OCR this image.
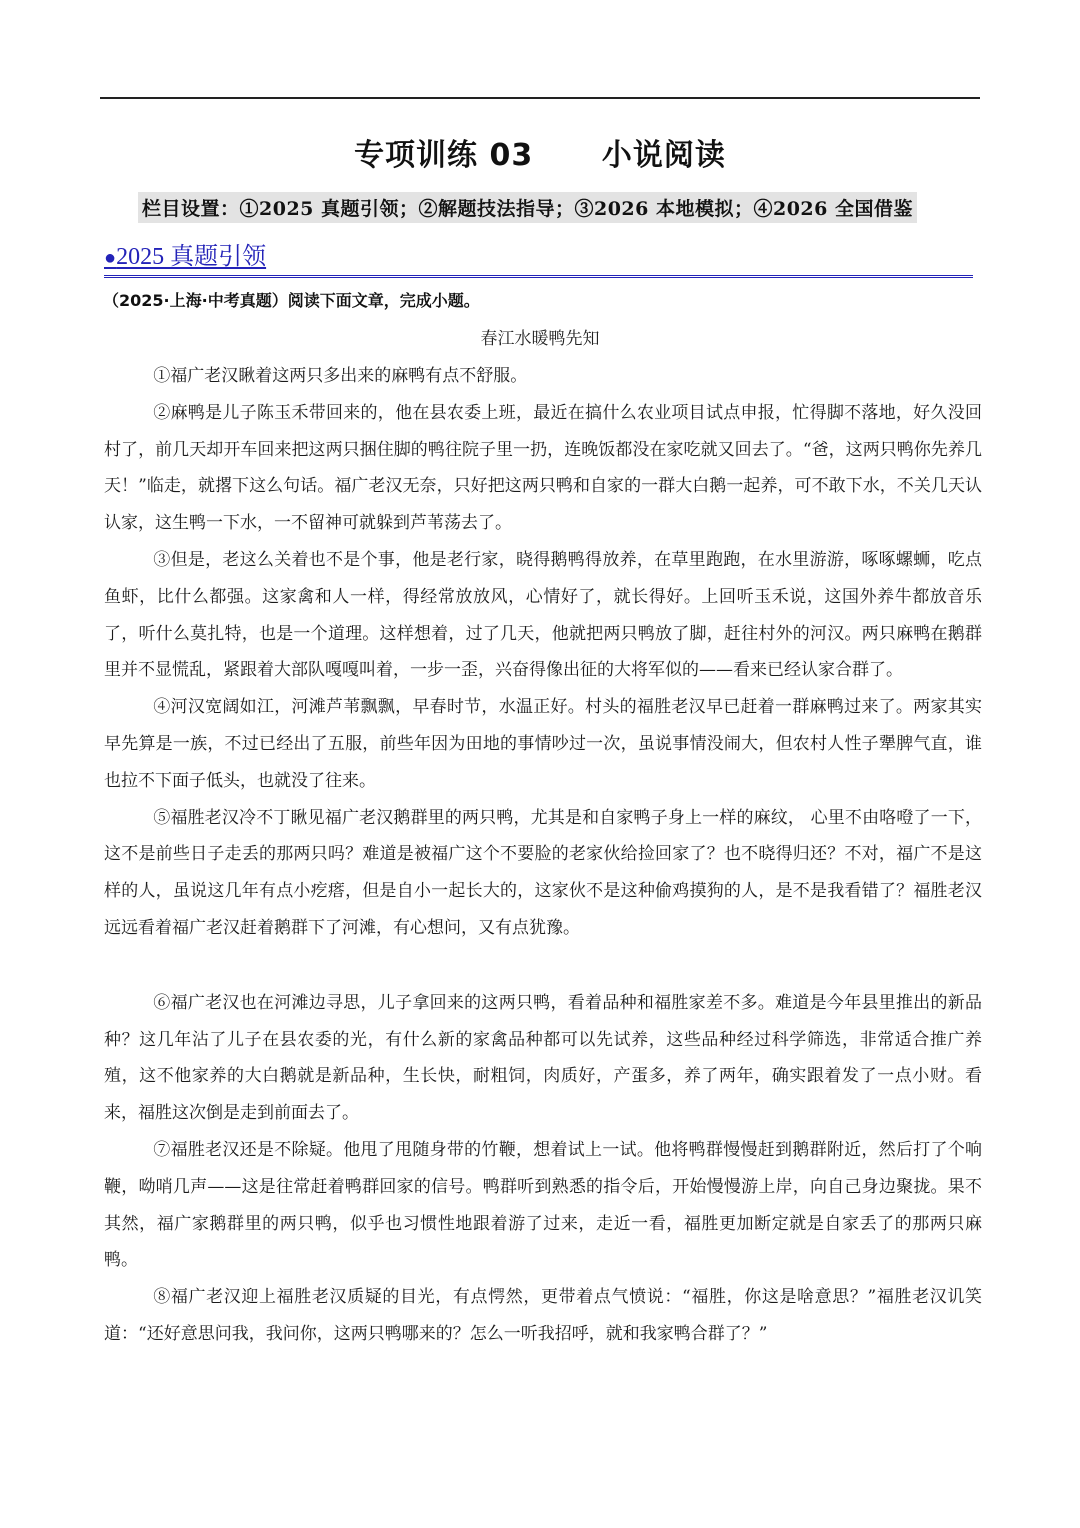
专项训练 03      小说阅读
栏目设置：①2025 真题引领；②解题技法指导；③2026 本地模拟；④2026 全国借鉴
●2025 真题引领
（2025·上海·中考真题）阅读下面文章，完成小题。
春江水暖鸭先知

①福广老汉瞅着这两只多出来的麻鸭有点不舒服。

②麻鸭是儿子陈玉禾带回来的，他在县农委上班，最近在搞什么农业项目试点申报，忙得脚不落地，好久没回村了，前几天却开车回来把这两只捆住脚的鸭往院子里一扔，连晚饭都没在家吃就又回去了。“爸，这两只鸭你先养几天！”临走，就撂下这么句话。福广老汉无奈，只好把这两只鸭和自家的一群大白鹅一起养，可不敢下水，不关几天认认家，这生鸭一下水，一不留神可就躲到芦苇荡去了。

③但是，老这么关着也不是个事，他是老行家，晓得鹅鸭得放养，在草里跑跑，在水里游游，啄啄螺蛳，吃点鱼虾，比什么都强。这家禽和人一样，得经常放放风，心情好了，就长得好。上回听玉禾说，这国外养牛都放音乐了，听什么莫扎特，也是一个道理。这样想着，过了几天，他就把两只鸭放了脚，赶往村外的河汉。两只麻鸭在鹅群里并不显慌乱，紧跟着大部队嘎嘎叫着，一步一歪，兴奋得像出征的大将军似的——看来已经认家合群了。

④河汉宽阔如江，河滩芦苇飘飘，早春时节，水温正好。村头的福胜老汉早已赶着一群麻鸭过来了。两家其实早先算是一族，不过已经出了五服，前些年因为田地的事情吵过一次，虽说事情没闹大，但农村人性子犟脾气直，谁也拉不下面子低头，也就没了往来。

⑤福胜老汉冷不丁瞅见福广老汉鹅群里的两只鸭，尤其是和自家鸭子身上一样的麻纹， 心里不由咯噔了一下，这不是前些日子走丢的那两只吗？难道是被福广这个不要脸的老家伙给捡回家了？也不晓得归还？不对，福广不是这样的人，虽说这几年有点小疙瘩，但是自小一起长大的，这家伙不是这种偷鸡摸狗的人，是不是我看错了？福胜老汉远远看着福广老汉赶着鹅群下了河滩，有心想问，又有点犹豫。

⑥福广老汉也在河滩边寻思，儿子拿回来的这两只鸭，看着品种和福胜家差不多。难道是今年县里推出的新品种？这几年沾了儿子在县农委的光，有什么新的家禽品种都可以先试养，这些品种经过科学筛选，非常适合推广养殖，这不他家养的大白鹅就是新品种，生长快，耐粗饲，肉质好，产蛋多，养了两年，确实跟着发了一点小财。看来，福胜这次倒是走到前面去了。

⑦福胜老汉还是不除疑。他甩了甩随身带的竹鞭，想着试上一试。他将鸭群慢慢赶到鹅群附近，然后打了个响鞭，呦哨几声——这是往常赶着鸭群回家的信号。鸭群听到熟悉的指令后，开始慢慢游上岸，向自己身边聚拢。果不其然，福广家鹅群里的两只鸭，似乎也习惯性地跟着游了过来，走近一看，福胜更加断定就是自家丢了的那两只麻鸭。

⑧福广老汉迎上福胜老汉质疑的目光，有点愕然，更带着点气愤说：“福胜，你这是啥意思？”福胜老汉讥笑道：“还好意思问我，我问你，这两只鸭哪来的？怎么一听我招呼，就和我家鸭合群了？”
